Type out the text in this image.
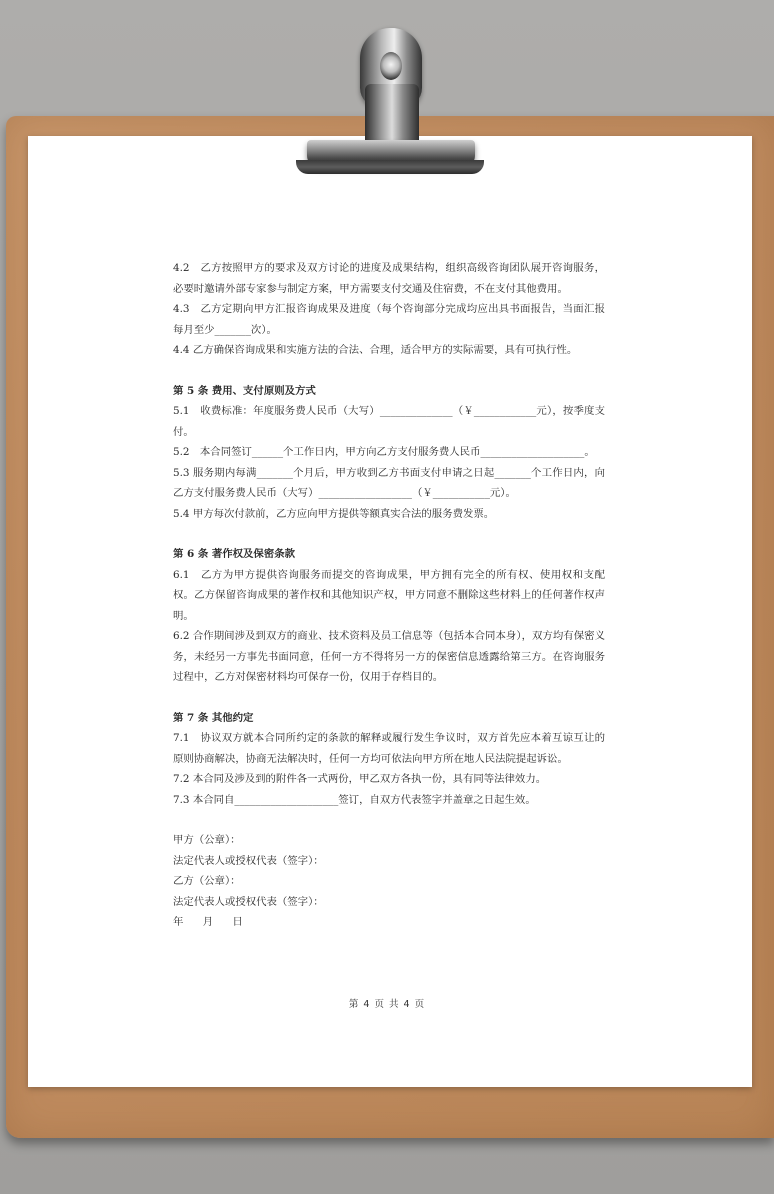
4.2　乙方按照甲方的要求及双方讨论的进度及成果结构，组织高级咨询团队展开咨询服务，必要时邀请外部专家参与制定方案，甲方需要支付交通及住宿费，不在支付其他费用。

4.3　乙方定期向甲方汇报咨询成果及进度（每个咨询部分完成均应出具书面报告，当面汇报每月至少_______次）。

4.4 乙方确保咨询成果和实施方法的合法、合理，适合甲方的实际需要，具有可执行性。

第 5 条 费用、支付原则及方式

5.1　收费标准：年度服务费人民币（大写）______________（￥____________元），按季度支付。

5.2　本合同签订______个工作日内，甲方向乙方支付服务费人民币____________________。

5.3 服务期内每满_______个月后，甲方收到乙方书面支付申请之日起_______个工作日内，向乙方支付服务费人民币（大写）__________________（￥___________元）。

5.4 甲方每次付款前，乙方应向甲方提供等额真实合法的服务费发票。

第 6 条 著作权及保密条款

6.1　乙方为甲方提供咨询服务而提交的咨询成果，甲方拥有完全的所有权、使用权和支配权。乙方保留咨询成果的著作权和其他知识产权，甲方同意不删除这些材料上的任何著作权声明。

6.2 合作期间涉及到双方的商业、技术资料及员工信息等（包括本合同本身），双方均有保密义务，未经另一方事先书面同意，任何一方不得将另一方的保密信息透露给第三方。在咨询服务过程中，乙方对保密材料均可保存一份，仅用于存档目的。

第 7 条 其他约定

7.1　协议双方就本合同所约定的条款的解释或履行发生争议时，双方首先应本着互谅互让的原则协商解决，协商无法解决时，任何一方均可依法向甲方所在地人民法院提起诉讼。

7.2 本合同及涉及到的附件各一式两份，甲乙双方各执一份，具有同等法律效力。

7.3 本合同自____________________签订，自双方代表签字并盖章之日起生效。

甲方（公章）：

法定代表人或授权代表（签字）：

乙方（公章）：

法定代表人或授权代表（签字）：

年 月 日

第 4 页 共 4 页
